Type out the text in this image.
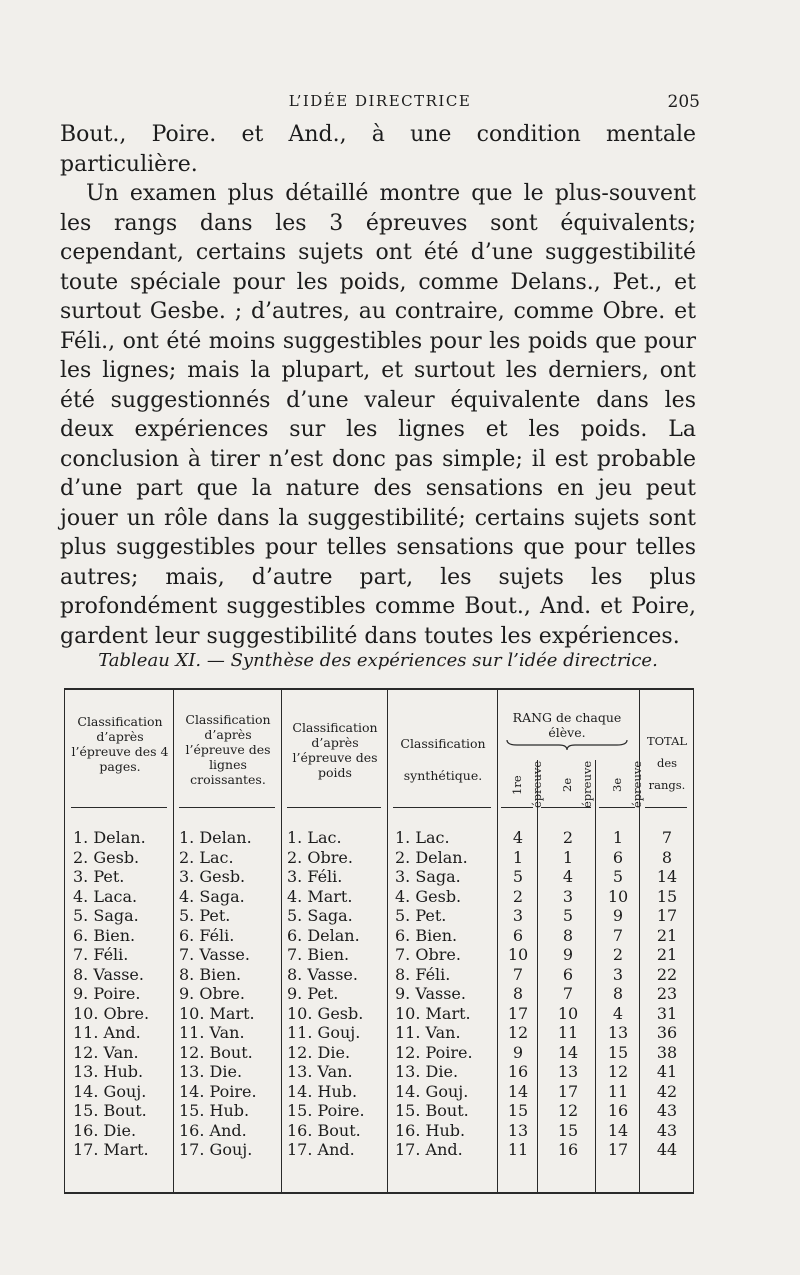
L’IDÉE DIRECTRICE	205

Bout., Poire. et And., à une condition mentale particulière.

Un examen plus détaillé montre que le plus-souvent les rangs dans les 3 épreuves sont équivalents; cependant, certains sujets ont été d’une suggestibilité toute spéciale pour les poids, comme Delans., Pet., et surtout Gesbe. ; d’autres, au contraire, comme Obre. et Féli., ont été moins suggestibles pour les poids que pour les lignes; mais la plupart, et surtout les derniers, ont été suggestionnés d’une valeur équivalente dans les deux expériences sur les lignes et les poids. La conclusion à tirer n’est donc pas simple; il est probable d’une part que la nature des sensations en jeu peut jouer un rôle dans la suggestibilité; certains sujets sont plus suggestibles pour telles sensations que pour telles autres; mais, d’autre part, les sujets les plus profondément suggestibles comme Bout., And. et Poire, gardent leur suggestibilité dans toutes les expériences.

Tableau XI. — Synthèse des expériences sur l’idée directrice.
Classification d’après l’épreuve des 4 pages.
Classification d’après l’épreuve des lignes croissantes.
Classification d’après l’épreuve des poids
Classification synthétique.
RANG de chaque élève.
1re épreuve 2e épreuve 3e épreuve
TOTAL des rangs.
1. Delan.
2. Gesb.
3. Pet.
4. Laca.
5. Saga.
6. Bien.
7. Féli.
8. Vasse.
9. Poire.
10. Obre.
11. And.
12. Van.
13. Hub.
14. Gouj.
15. Bout.
16. Die.
17. Mart.
1. Delan.
2. Lac.
3. Gesb.
4. Saga.
5. Pet.
6. Féli.
7. Vasse.
8. Bien.
9. Obre.
10. Mart.
11. Van.
12. Bout.
13. Die.
14. Poire.
15. Hub.
16. And.
17. Gouj.
1. Lac.
2. Obre.
3. Féli.
4. Mart.
5. Saga.
6. Delan.
7. Bien.
8. Vasse.
9. Pet.
10. Gesb.
11. Gouj.
12. Die.
13. Van.
14. Hub.
15. Poire.
16. Bout.
17. And.
1. Lac.
2. Delan.
3. Saga.
4. Gesb.
5. Pet.
6. Bien.
7. Obre.
8. Féli.
9. Vasse.
10. Mart.
11. Van.
12. Poire.
13. Die.
14. Gouj.
15. Bout.
16. Hub.
17. And.
4
1
5
2
3
6
10
7
8
17
12
9
16
14
15
13
11
2
1
4
3
5
8
9
6
7
10
11
14
13
17
12
15
16
1
6
5
10
9
7
2
3
8
4
13
15
12
11
16
14
17
7
8
14
15
17
21
21
22
23
31
36
38
41
42
43
43
44
